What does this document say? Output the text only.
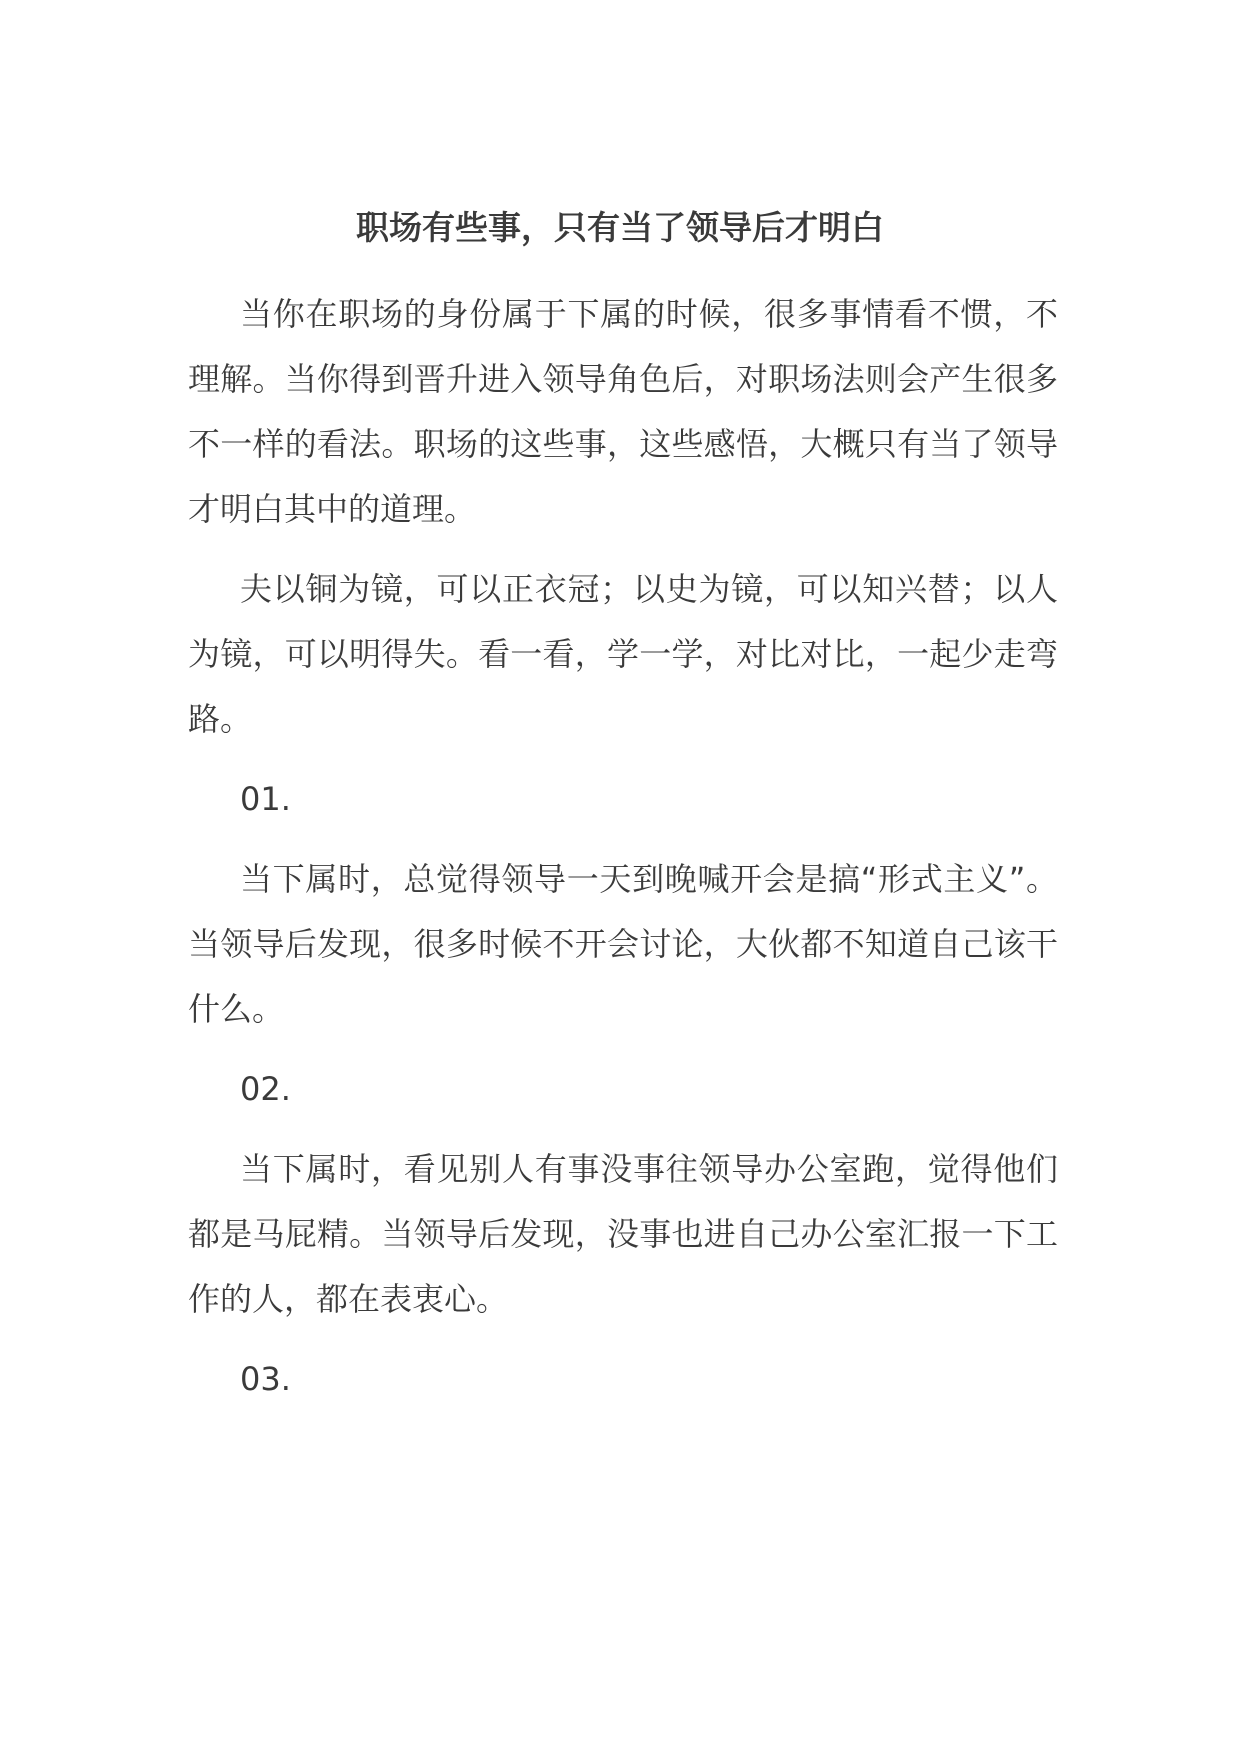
职场有些事，只有当了领导后才明白

当你在职场的身份属于下属的时候，很多事情看不惯，不理解。当你得到晋升进入领导角色后，对职场法则会产生很多不一样的看法。职场的这些事，这些感悟，大概只有当了领导才明白其中的道理。

夫以铜为镜，可以正衣冠；以史为镜，可以知兴替；以人为镜，可以明得失。看一看，学一学，对比对比，一起少走弯路。

01.

当下属时，总觉得领导一天到晚喊开会是搞“形式主义”。当领导后发现，很多时候不开会讨论，大伙都不知道自己该干什么。

02.

当下属时，看见别人有事没事往领导办公室跑，觉得他们都是马屁精。当领导后发现，没事也进自己办公室汇报一下工作的人，都在表衷心。

03.
